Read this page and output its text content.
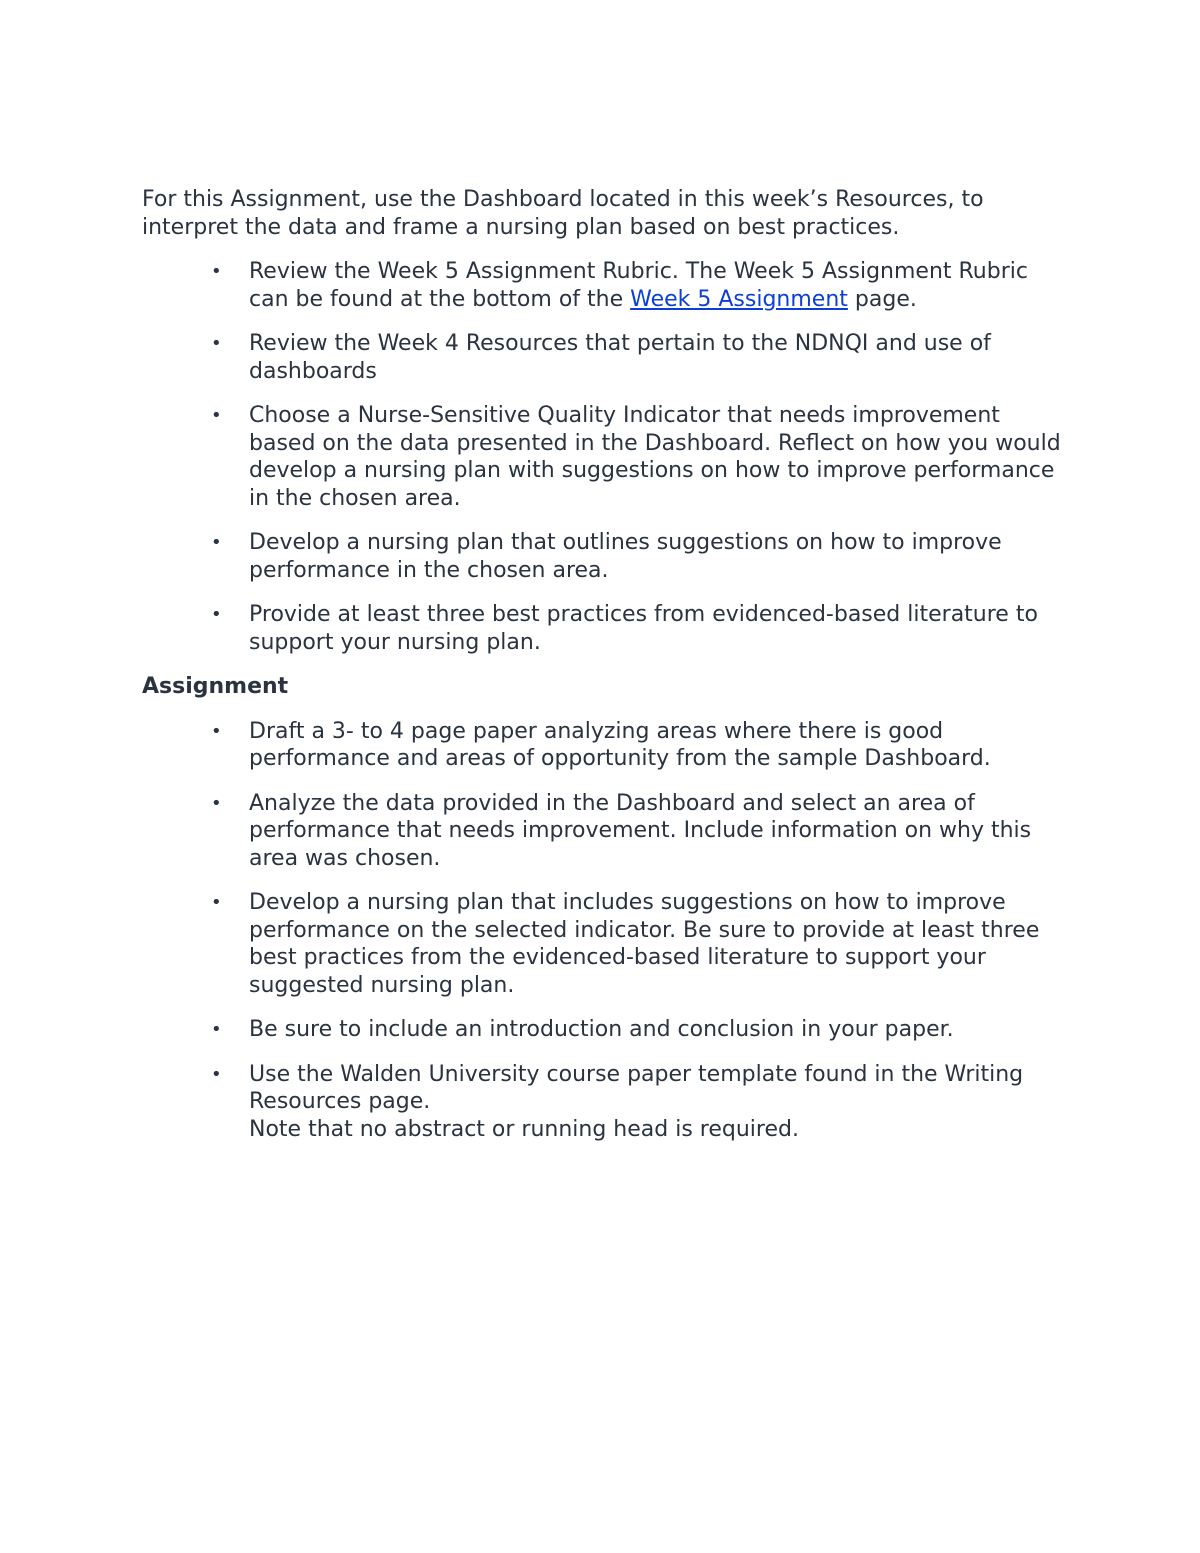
For this Assignment, use the Dashboard located in this week’s Resources, to interpret the data and frame a nursing plan based on best practices.

• Review the Week 5 Assignment Rubric. The Week 5 Assignment Rubric can be found at the bottom of the Week 5 Assignment page.
• Review the Week 4 Resources that pertain to the NDNQI and use of dashboards
• Choose a Nurse-Sensitive Quality Indicator that needs improvement based on the data presented in the Dashboard. Reflect on how you would develop a nursing plan with suggestions on how to improve performance in the chosen area.
• Develop a nursing plan that outlines suggestions on how to improve performance in the chosen area.
• Provide at least three best practices from evidenced-based literature to support your nursing plan.

Assignment

• Draft a 3- to 4 page paper analyzing areas where there is good performance and areas of opportunity from the sample Dashboard.
• Analyze the data provided in the Dashboard and select an area of performance that needs improvement. Include information on why this area was chosen.
• Develop a nursing plan that includes suggestions on how to improve performance on the selected indicator. Be sure to provide at least three best practices from the evidenced-based literature to support your suggested nursing plan.
• Be sure to include an introduction and conclusion in your paper.
• Use the Walden University course paper template found in the Writing Resources page.
Note that no abstract or running head is required.
